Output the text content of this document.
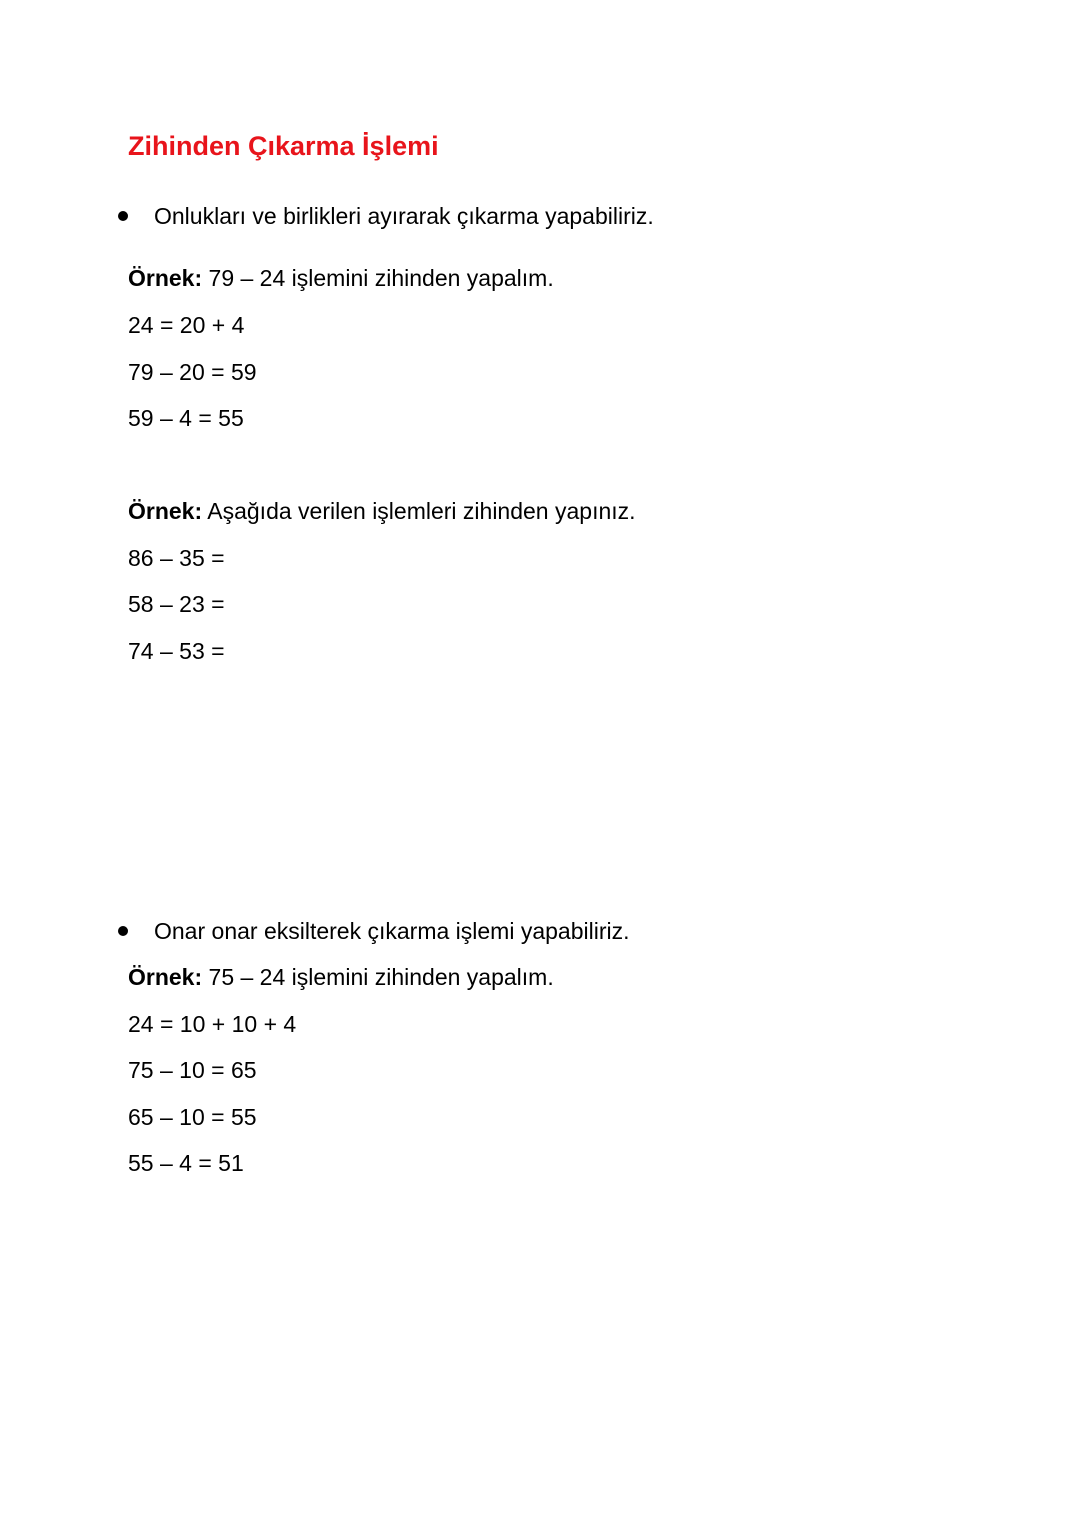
Zihinden Çıkarma İşlemi
Onlukları ve birlikleri ayırarak çıkarma yapabiliriz.
Örnek: 79 – 24 işlemini zihinden yapalım.
24 = 20 + 4
79 – 20 = 59
59 – 4 = 55
Örnek: Aşağıda verilen işlemleri zihinden yapınız.
86 – 35 =
58 – 23 =
74 – 53 =
Onar onar eksilterek çıkarma işlemi yapabiliriz.
Örnek: 75 – 24 işlemini zihinden yapalım.
24 = 10 + 10 + 4
75 – 10 = 65
65 – 10 = 55
55 – 4 = 51
